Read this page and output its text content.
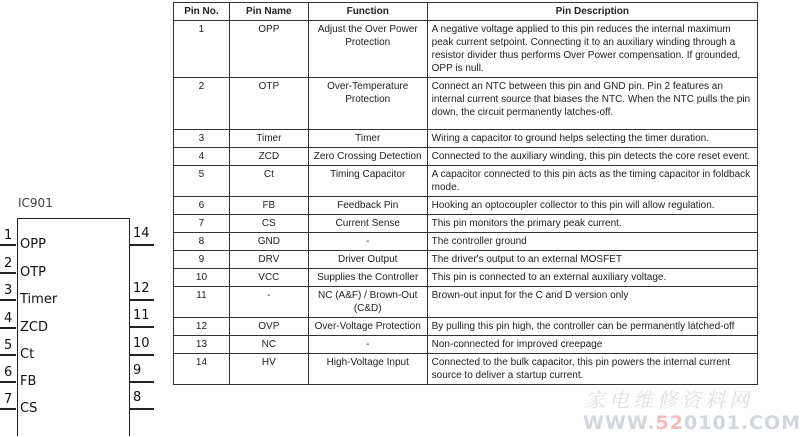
IC901
1
OPP
2
OTP
3
Timer
4
ZCD
5
Ct
6
FB
7
CS
14
12
11
10
9
8
Pin No.	Pin Name	Function	Pin Description
1	OPP	Adjust the Over Power Protection	A negative voltage applied to this pin reduces the internal maximum peak current setpoint. Connecting it to an auxiliary winding through a resistor divider thus performs Over Power compensation. If grounded, OPP is null.
2	OTP	Over-Temperature Protection	Connect an NTC between this pin and GND pin. Pin 2 features an internal current source that biases the NTC. When the NTC pulls the pin down, the circuit permanently latches-off.
3	Timer	Timer	Wiring a capacitor to ground helps selecting the timer duration.
4	ZCD	Zero Crossing Detection	Connected to the auxiliary winding, this pin detects the core reset event.
5	Ct	Timing Capacitor	A capacitor connected to this pin acts as the timing capacitor in foldback mode.
6	FB	Feedback Pin	Hooking an optocoupler collector to this pin will allow regulation.
7	CS	Current Sense	This pin monitors the primary peak current.
8	GND	-	The controller ground
9	DRV	Driver Output	The driver's output to an external MOSFET
10	VCC	Supplies the Controller	This pin is connected to an external auxiliary voltage.
11	-	NC (A&F) / Brown-Out (C&D)	Brown-out input for the C and D version only
12	OVP	Over-Voltage Protection	By pulling this pin high, the controller can be permanently latched-off
13	NC	-	Non-connected for improved creepage
14	HV	High-Voltage Input	Connected to the bulk capacitor, this pin powers the internal current source to deliver a startup current.
家电维修资料网
WWW.520101.COM
